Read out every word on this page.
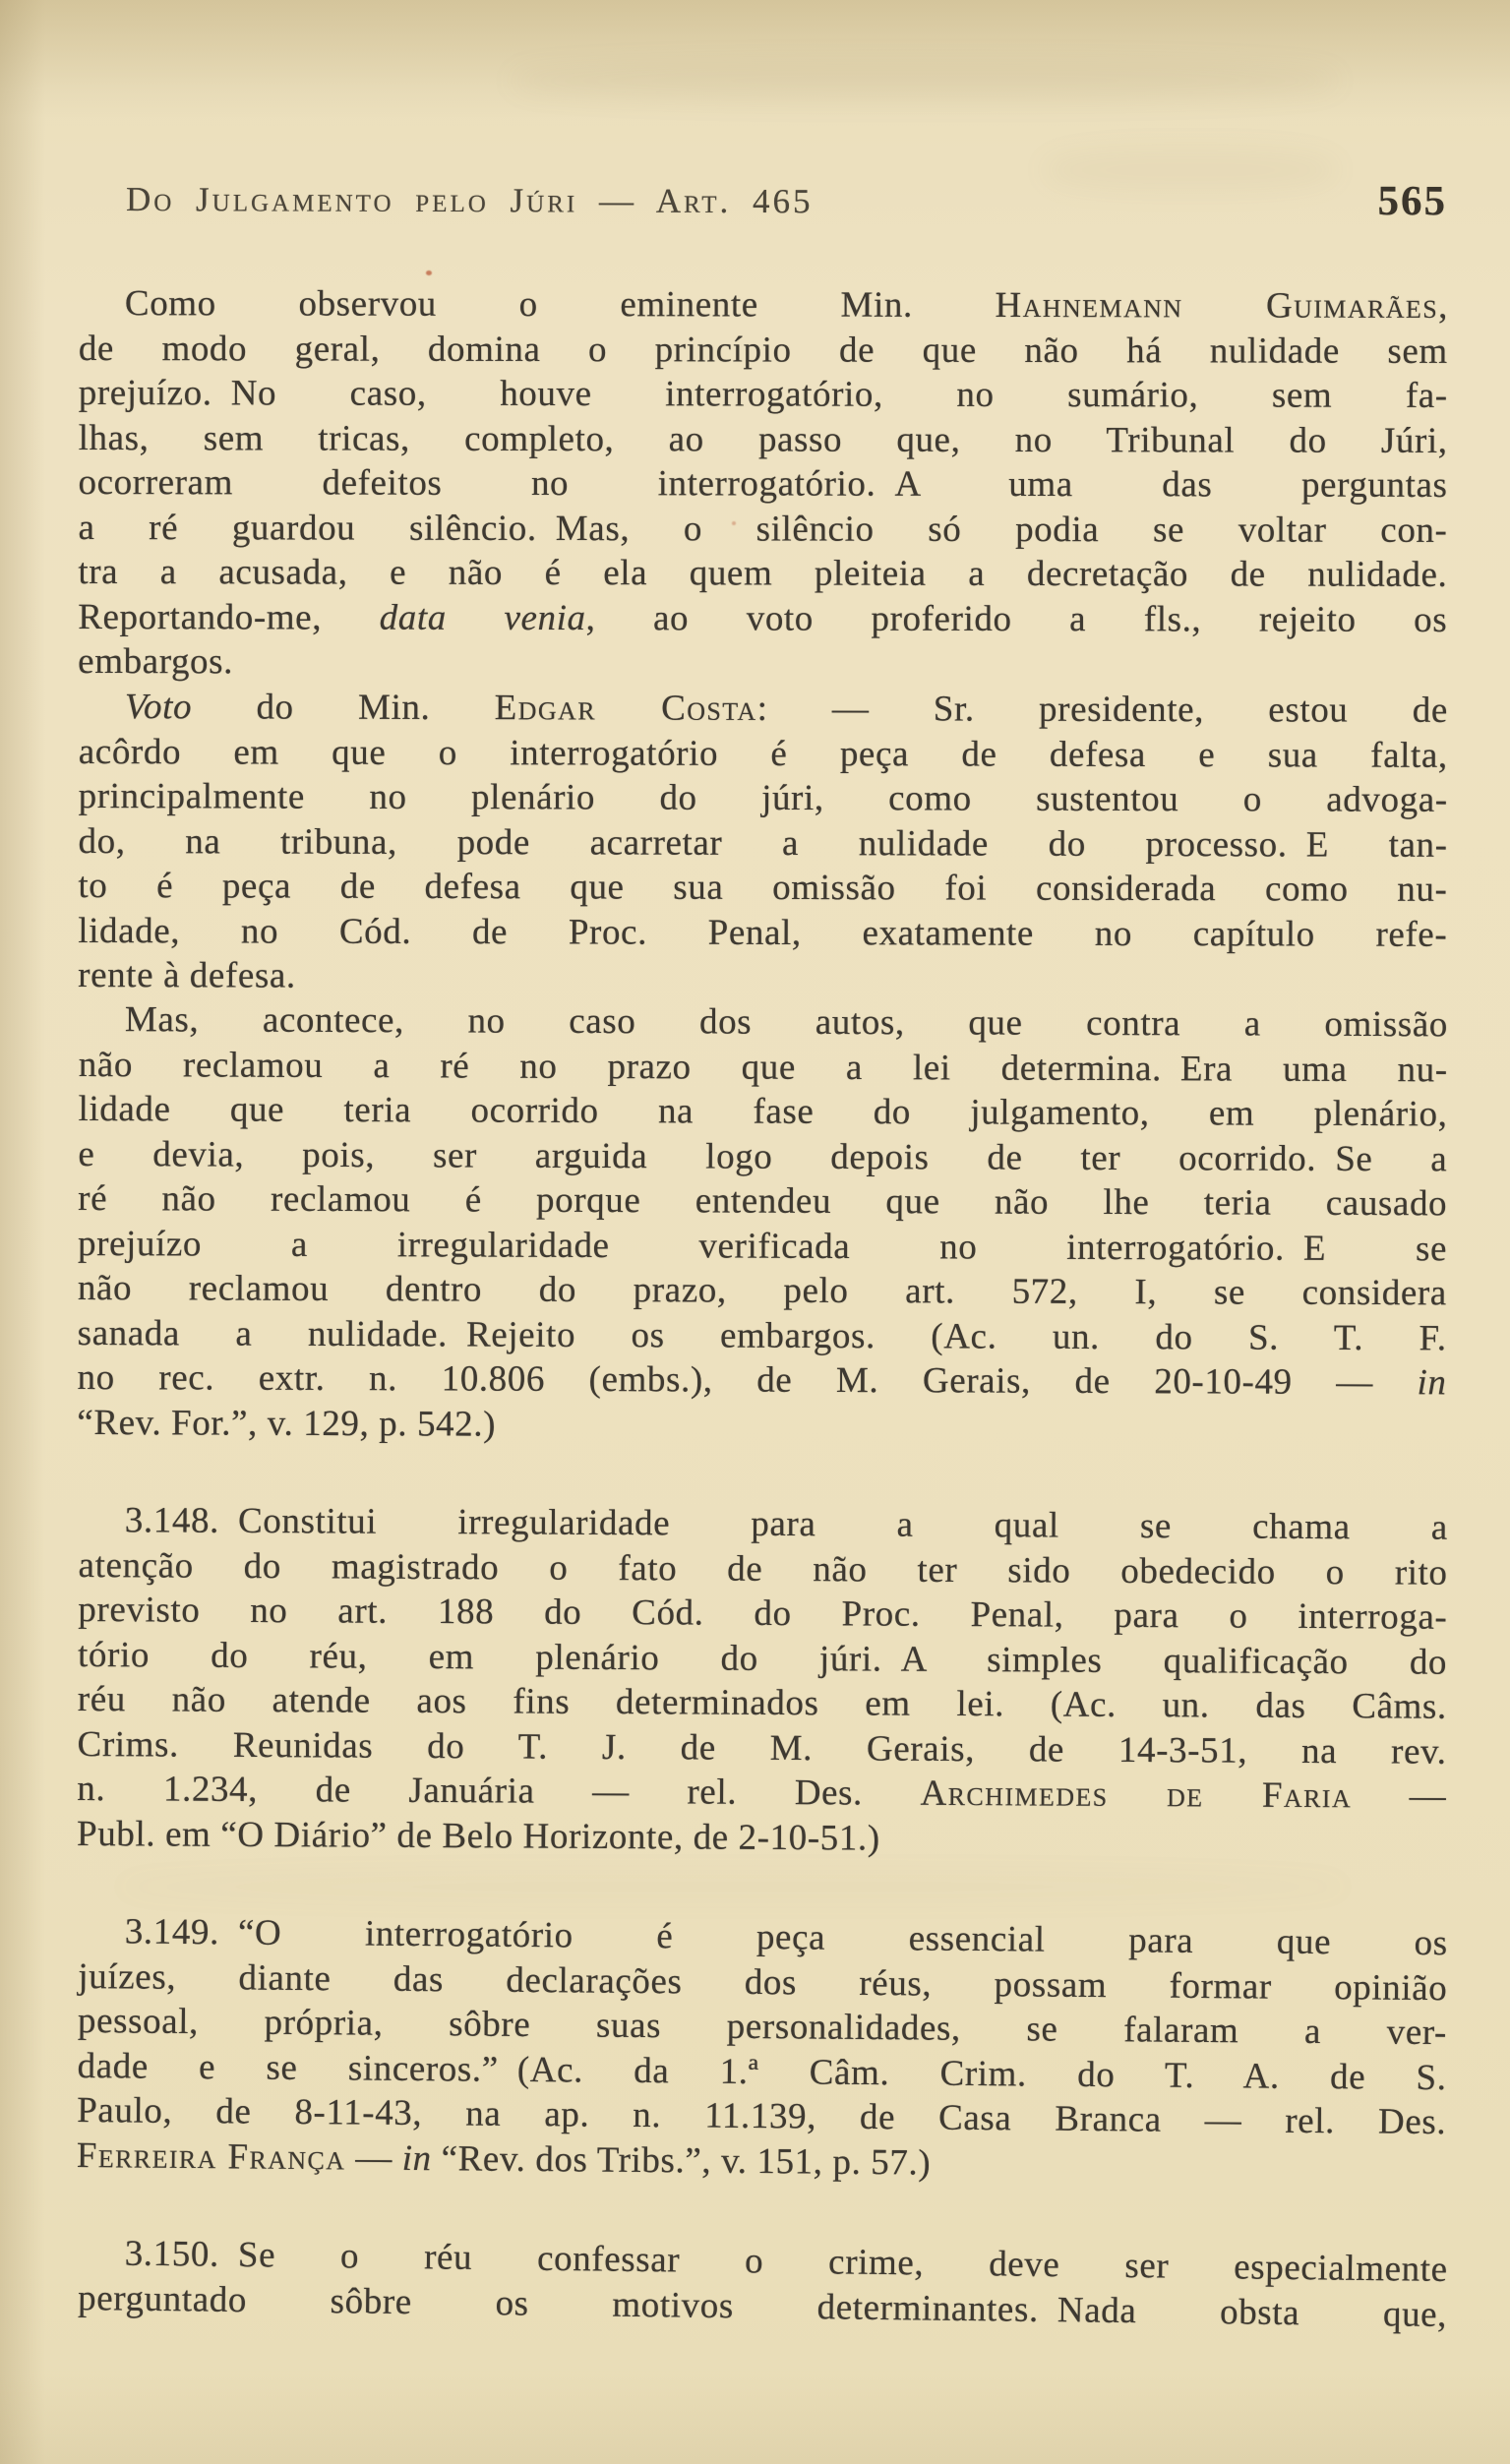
Do Julgamento pelo Júri — Art. 465	565
Como observou o eminente Min. Hahnemann Guimarães,
de modo geral, domina o princípio de que não há nulidade sem
prejuízo. No caso, houve interrogatório, no sumário, sem fa-
lhas, sem tricas, completo, ao passo que, no Tribunal do Júri,
ocorreram defeitos no interrogatório. A uma das perguntas
a ré guardou silêncio. Mas, o silêncio só podia se voltar con-
tra a acusada, e não é ela quem pleiteia a decretação de nulidade.
Reportando-me, data venia, ao voto proferido a fls., rejeito os
embargos.
Voto do Min. Edgar Costa: — Sr. presidente, estou de
acôrdo em que o interrogatório é peça de defesa e sua falta,
principalmente no plenário do júri, como sustentou o advoga-
do, na tribuna, pode acarretar a nulidade do processo. E tan-
to é peça de defesa que sua omissão foi considerada como nu-
lidade, no Cód. de Proc. Penal, exatamente no capítulo refe-
rente à defesa.
Mas, acontece, no caso dos autos, que contra a omissão
não reclamou a ré no prazo que a lei determina. Era uma nu-
lidade que teria ocorrido na fase do julgamento, em plenário,
e devia, pois, ser arguida logo depois de ter ocorrido. Se a
ré não reclamou é porque entendeu que não lhe teria causado
prejuízo a irregularidade verificada no interrogatório. E se
não reclamou dentro do prazo, pelo art. 572, I, se considera
sanada a nulidade. Rejeito os embargos. (Ac. un. do S. T. F.
no rec. extr. n. 10.806 (embs.), de M. Gerais, de 20-10-49 — in
“Rev. For.”, v. 129, p. 542.)
3.148. Constitui irregularidade para a qual se chama a
atenção do magistrado o fato de não ter sido obedecido o rito
previsto no art. 188 do Cód. do Proc. Penal, para o interroga-
tório do réu, em plenário do júri. A simples qualificação do
réu não atende aos fins determinados em lei. (Ac. un. das Câms.
Crims. Reunidas do T. J. de M. Gerais, de 14-3-51, na rev.
n. 1.234, de Januária — rel. Des. Archimedes de Faria —
Publ. em “O Diário” de Belo Horizonte, de 2-10-51.)
3.149. “O interrogatório é peça essencial para que os
juízes, diante das declarações dos réus, possam formar opinião
pessoal, própria, sôbre suas personalidades, se falaram a ver-
dade e se sinceros.” (Ac. da 1.ª Câm. Crim. do T. A. de S.
Paulo, de 8-11-43, na ap. n. 11.139, de Casa Branca — rel. Des.
Ferreira França — in “Rev. dos Tribs.”, v. 151, p. 57.)
3.150. Se o réu confessar o crime, deve ser especialmente
perguntado sôbre os motivos determinantes. Nada obsta que,
